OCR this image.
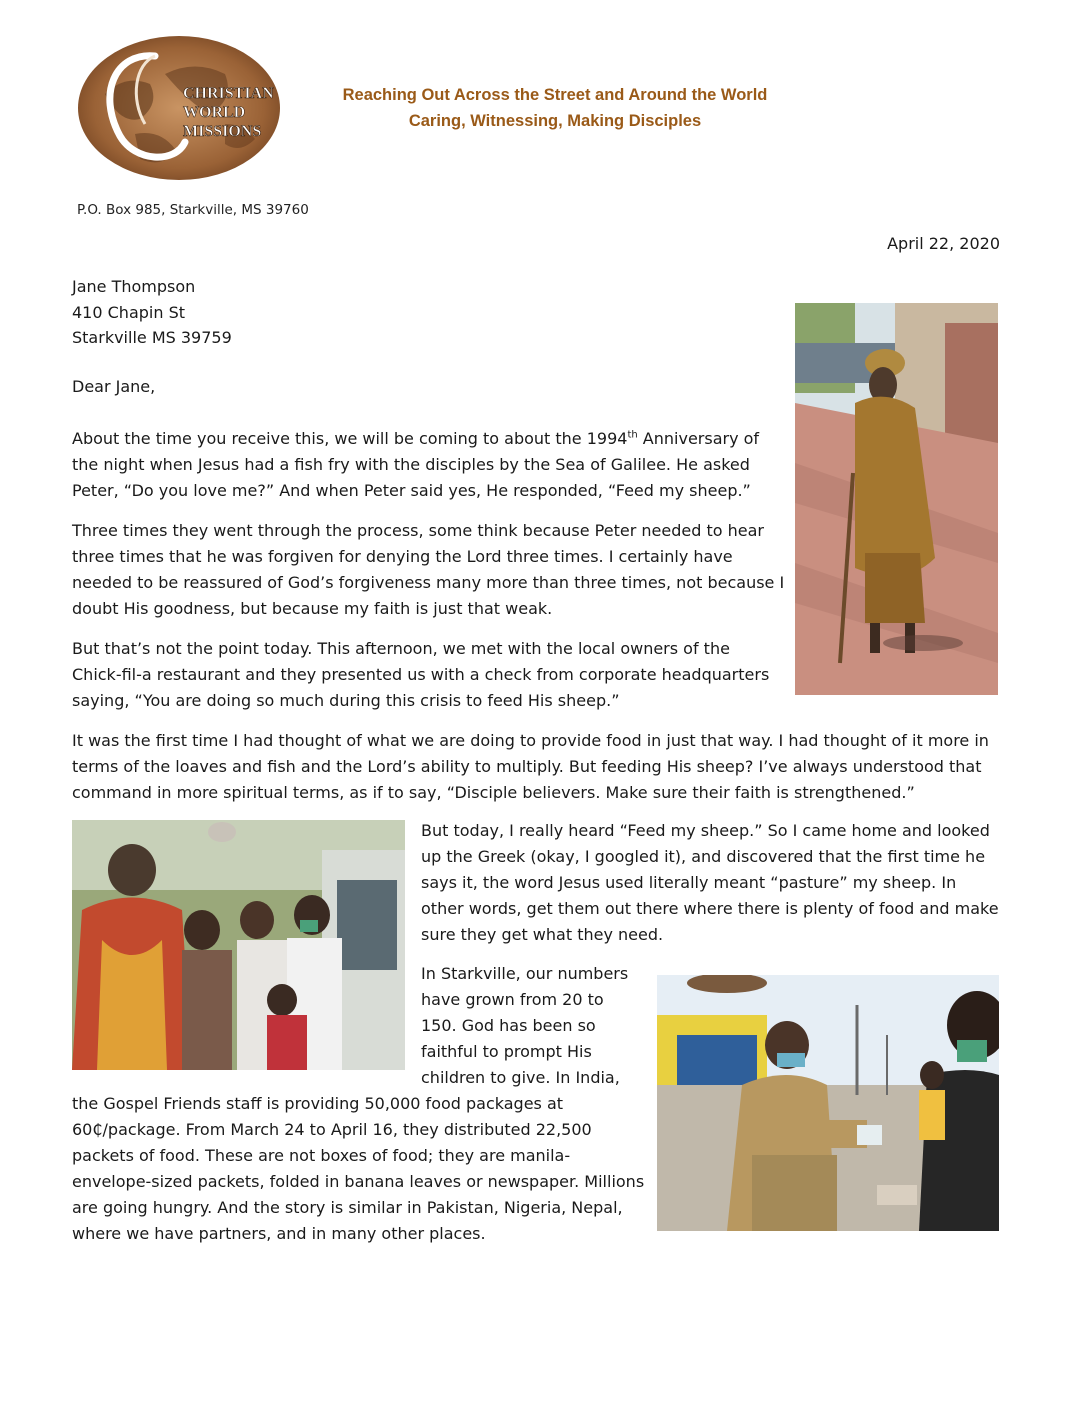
CHRISTIAN
WORLD
MISSIONS

Reaching Out Across the Street and Around the World

Caring, Witnessing, Making Disciples

P.O. Box 985, Starkville, MS 39760

April 22, 2020

Jane Thompson
410 Chapin St
Starkville MS 39759

Dear Jane,

About the time you receive this, we will be coming to about the 1994th Anniversary of the night when Jesus had a fish fry with the disciples by the Sea of Galilee. He asked Peter, “Do you love me?” And when Peter said yes, He responded, “Feed my sheep.”

Three times they went through the process, some think because Peter needed to hear three times that he was forgiven for denying the Lord three times. I certainly have needed to be reassured of God’s forgiveness many more than three times, not because I doubt His goodness, but because my faith is just that weak.

But that’s not the point today. This afternoon, we met with the local owners of the Chick-fil-a restaurant and they presented us with a check from corporate headquarters saying, “You are doing so much during this crisis to feed His sheep.”

It was the first time I had thought of what we are doing to provide food in just that way. I had thought of it more in terms of the loaves and fish and the Lord’s ability to multiply. But feeding His sheep? I’ve always understood that command in more spiritual terms, as if to say, “Disciple believers. Make sure their faith is strengthened.”

But today, I really heard “Feed my sheep.” So I came home and looked up the Greek (okay, I googled it), and discovered that the first time he says it, the word Jesus used literally meant “pasture” my sheep. In other words, get them out there where there is plenty of food and make sure they get what they need.

In Starkville, our numbers
have grown from 20 to
150. God has been so
faithful to prompt His
children to give. In India,
the Gospel Friends staff is providing 50,000 food packages at 60₵/package. From March 24 to April 16, they distributed 22,500 packets of food. These are not boxes of food; they are manila-envelope-sized packets, folded in banana leaves or newspaper. Millions are going hungry. And the story is similar in Pakistan, Nigeria, Nepal, where we have partners, and in many other places.
